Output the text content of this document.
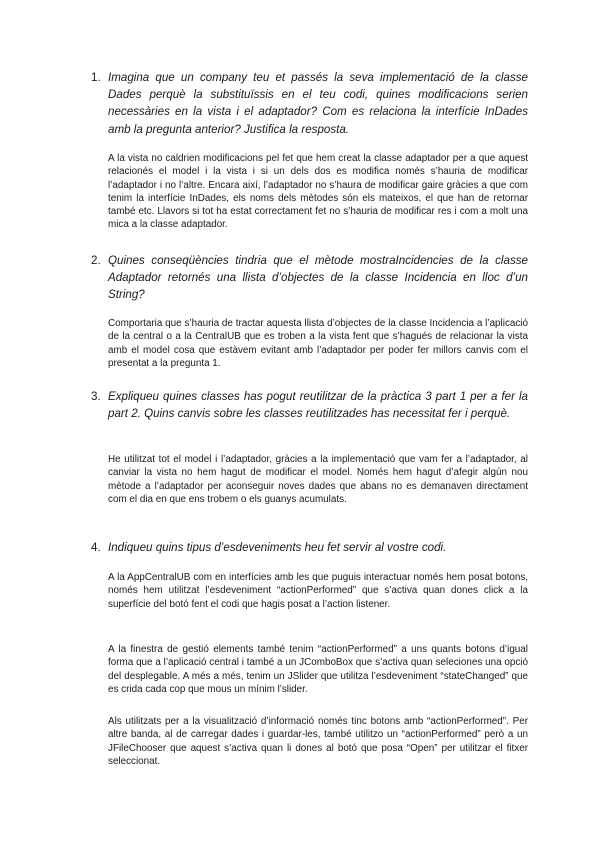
1. Imagina que un company teu et passés la seva implementació de la classe Dades perquè la substituïssis en el teu codi, quines modificacions serien necessàries en la vista i el adaptador? Com es relaciona la interfície InDades amb la pregunta anterior? Justifica la resposta.
A la vista no caldrien modificacions pel fet que hem creat la classe adaptador per a que aquest relacionés el model i la vista i si un dels dos es modifica només s’hauria de modificar l’adaptador i no l’altre. Encara així, l’adaptador no s’haura de modificar gaire gràcies a que com tenim la interfície InDades, els noms dels mètodes són els mateixos, el que han de retornar també etc. Llavors si tot ha estat correctament fet no s’hauria de modificar res i com a molt una mica a la classe adaptador.
2. Quines conseqüències tindria que el mètode mostraIncidencies de la classe Adaptador retornés una llista d’objectes de la classe Incidencia en lloc d’un String?
Comportaria que s’hauria de tractar aquesta llista d’objectes de la classe Incidencia a l’aplicació de la central o a la CentralUB que es troben a la vista fent que s’hagués de relacionar la vista amb el model cosa que estàvem evitant amb l’adaptador per poder fer millors canvis com el presentat a la pregunta 1.
3. Expliqueu quines classes has pogut reutilitzar de la pràctica 3 part 1 per a fer la part 2. Quins canvis sobre les classes reutilitzades has necessitat fer i perquè.
He utilitzat tot el model i l’adaptador, gràcies a la implementació que vam fer a l’adaptador, al canviar la vista no hem hagut de modificar el model. Només hem hagut d’afegir algún nou mètode a l’adaptador per aconseguir noves dades que abans no es demanaven directament com el dia en que ens trobem o els guanys acumulats.
4. Indiqueu quins tipus d’esdeveniments heu fet servir al vostre codi.
A la AppCentralUB com en interfícies amb les que puguis interactuar només hem posat botons, només hem utilitzat l’esdeveniment “actionPerformed” que s’activa quan dones click a la superfície del botó fent el codi que hagis posat a l’action listener.
A la finestra de gestió elements també tenim “actionPerformed” a uns quants botons d’igual forma que a l’aplicació central i també a un JComboBox que s’activa quan seleciones una opció del desplegable. A més a més, tenim un JSlider que utilitza l’esdeveniment “stateChanged” que es crida cada cop que mous un mínim l’slider.
Als utilitzats per a la visualització d’informació només tinc botons amb “actionPerformed”. Per altre banda, al de carregar dades i guardar-les, també utilitzo un “actionPerformed” però a un JFileChooser que aquest s’activa quan li dones al botó que posa “Open” per utilitzar el fitxer seleccionat.
